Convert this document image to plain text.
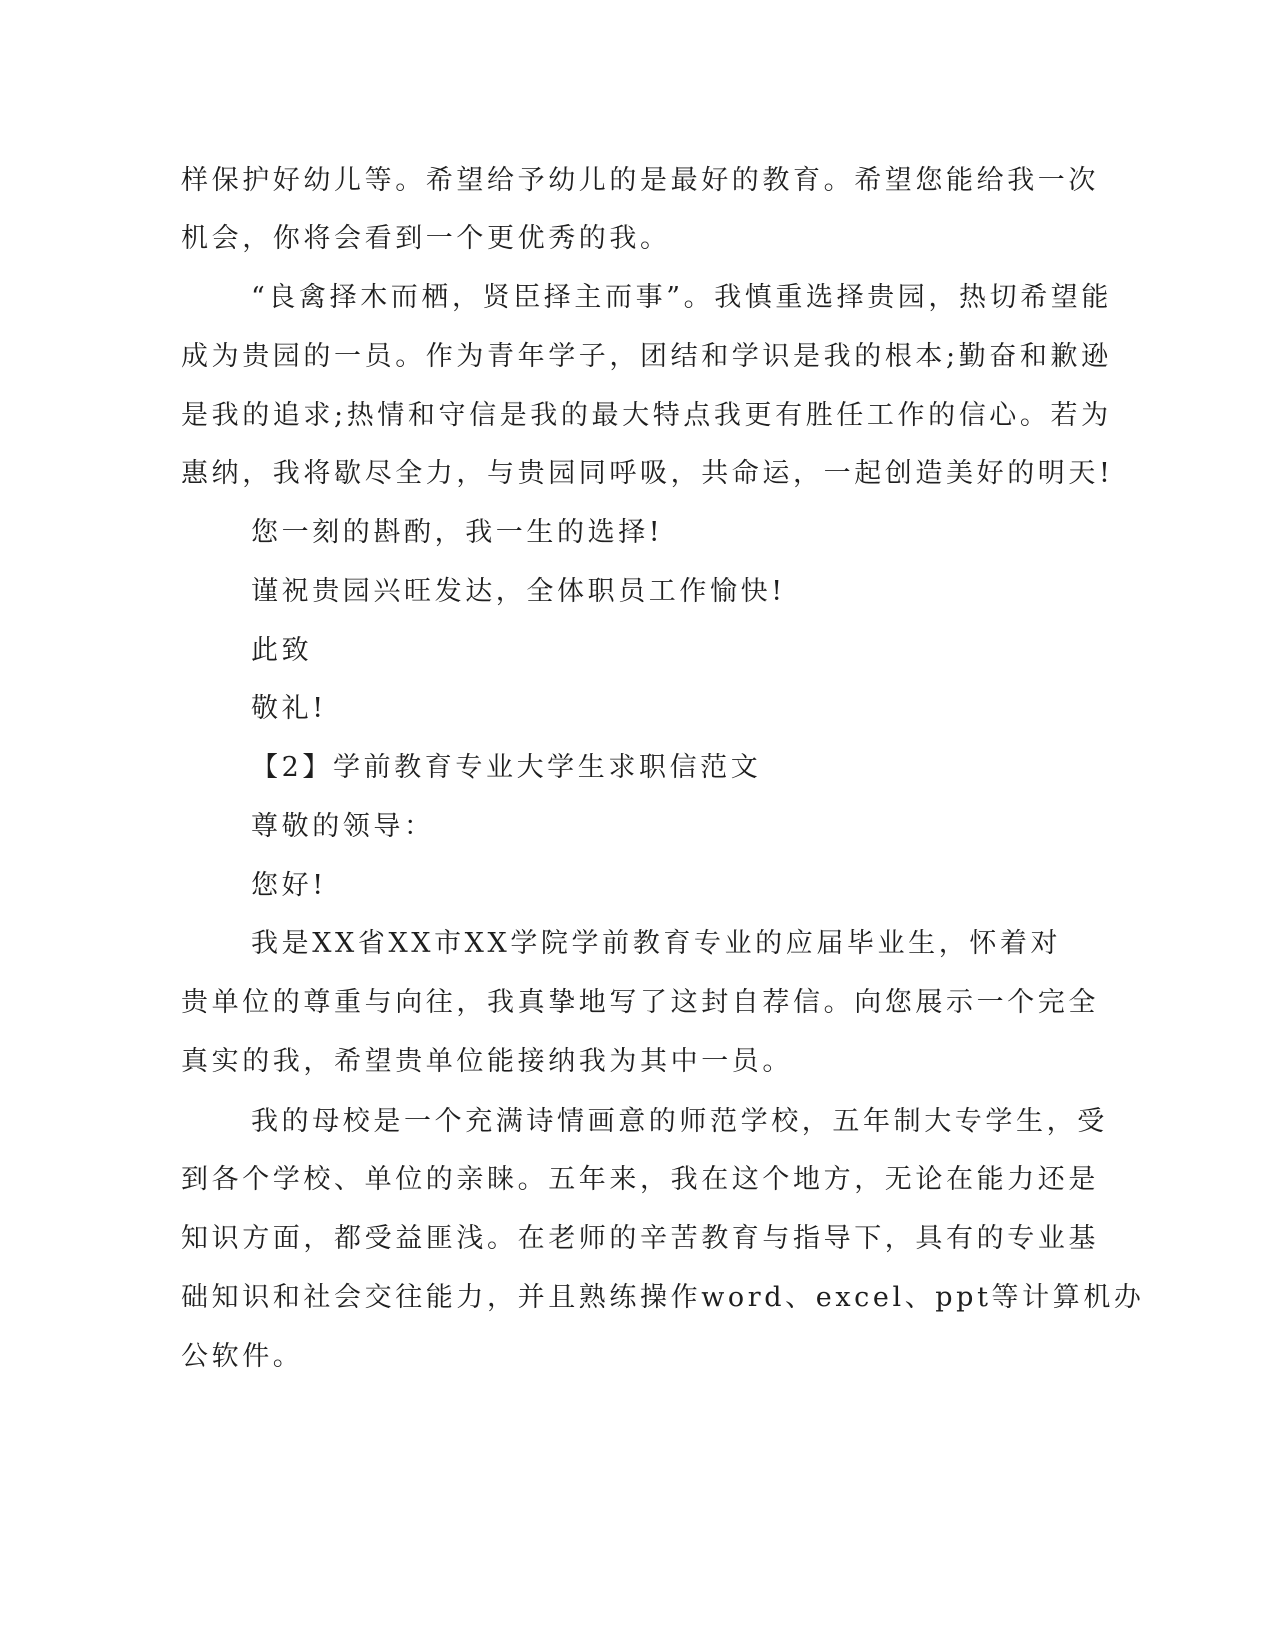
样保护好幼儿等。希望给予幼儿的是最好的教育。希望您能给我一次
机会，你将会看到一个更优秀的我。
“良禽择木而栖，贤臣择主而事”。我慎重选择贵园，热切希望能
成为贵园的一员。作为青年学子，团结和学识是我的根本;勤奋和歉逊
是我的追求;热情和守信是我的最大特点我更有胜任工作的信心。若为
惠纳，我将歇尽全力，与贵园同呼吸，共命运，一起创造美好的明天!
您一刻的斟酌，我一生的选择!
谨祝贵园兴旺发达，全体职员工作愉快!
此致
敬礼!
【2】学前教育专业大学生求职信范文
尊敬的领导：
您好!
我是XX省XX市XX学院学前教育专业的应届毕业生，怀着对
贵单位的尊重与向往，我真挚地写了这封自荐信。向您展示一个完全
真实的我，希望贵单位能接纳我为其中一员。
我的母校是一个充满诗情画意的师范学校，五年制大专学生，受
到各个学校、单位的亲睐。五年来，我在这个地方，无论在能力还是
知识方面，都受益匪浅。在老师的辛苦教育与指导下，具有的专业基
础知识和社会交往能力，并且熟练操作word、excel、ppt等计算机办
公软件。
